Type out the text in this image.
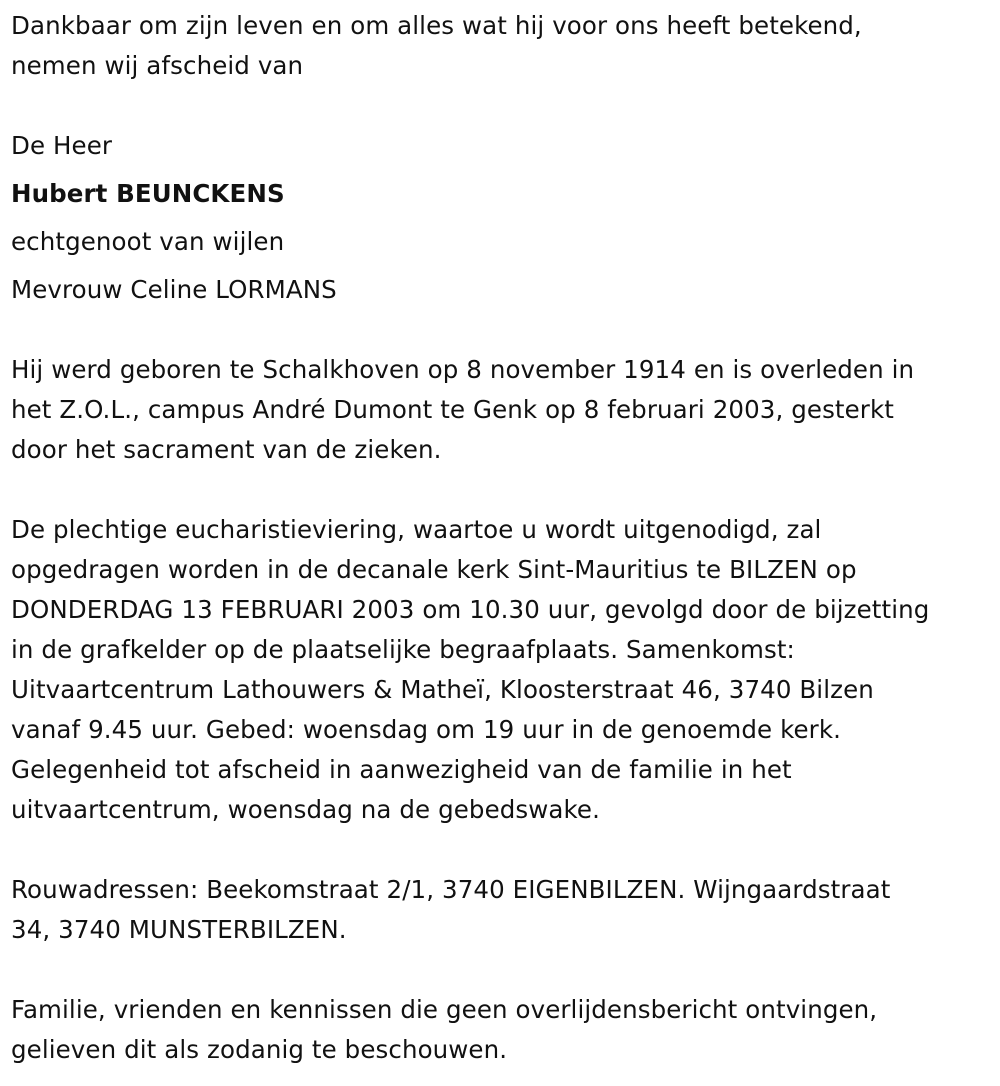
Dankbaar om zijn leven en om alles wat hij voor ons heeft betekend,
nemen wij afscheid van
De Heer
Hubert BEUNCKENS
echtgenoot van wijlen
Mevrouw Celine LORMANS
Hij werd geboren te Schalkhoven op 8 november 1914 en is overleden in
het Z.O.L., campus André Dumont te Genk op 8 februari 2003, gesterkt
door het sacrament van de zieken.
De plechtige eucharistieviering, waartoe u wordt uitgenodigd, zal
opgedragen worden in de decanale kerk Sint-Mauritius te BILZEN op
DONDERDAG 13 FEBRUARI 2003 om 10.30 uur, gevolgd door de bijzetting
in de grafkelder op de plaatselijke begraafplaats. Samenkomst:
Uitvaartcentrum Lathouwers & Matheï, Kloosterstraat 46, 3740 Bilzen
vanaf 9.45 uur. Gebed: woensdag om 19 uur in de genoemde kerk.
Gelegenheid tot afscheid in aanwezigheid van de familie in het
uitvaartcentrum, woensdag na de gebedswake.
Rouwadressen: Beekomstraat 2/1, 3740 EIGENBILZEN. Wijngaardstraat
34, 3740 MUNSTERBILZEN.
Familie, vrienden en kennissen die geen overlijdensbericht ontvingen,
gelieven dit als zodanig te beschouwen.
